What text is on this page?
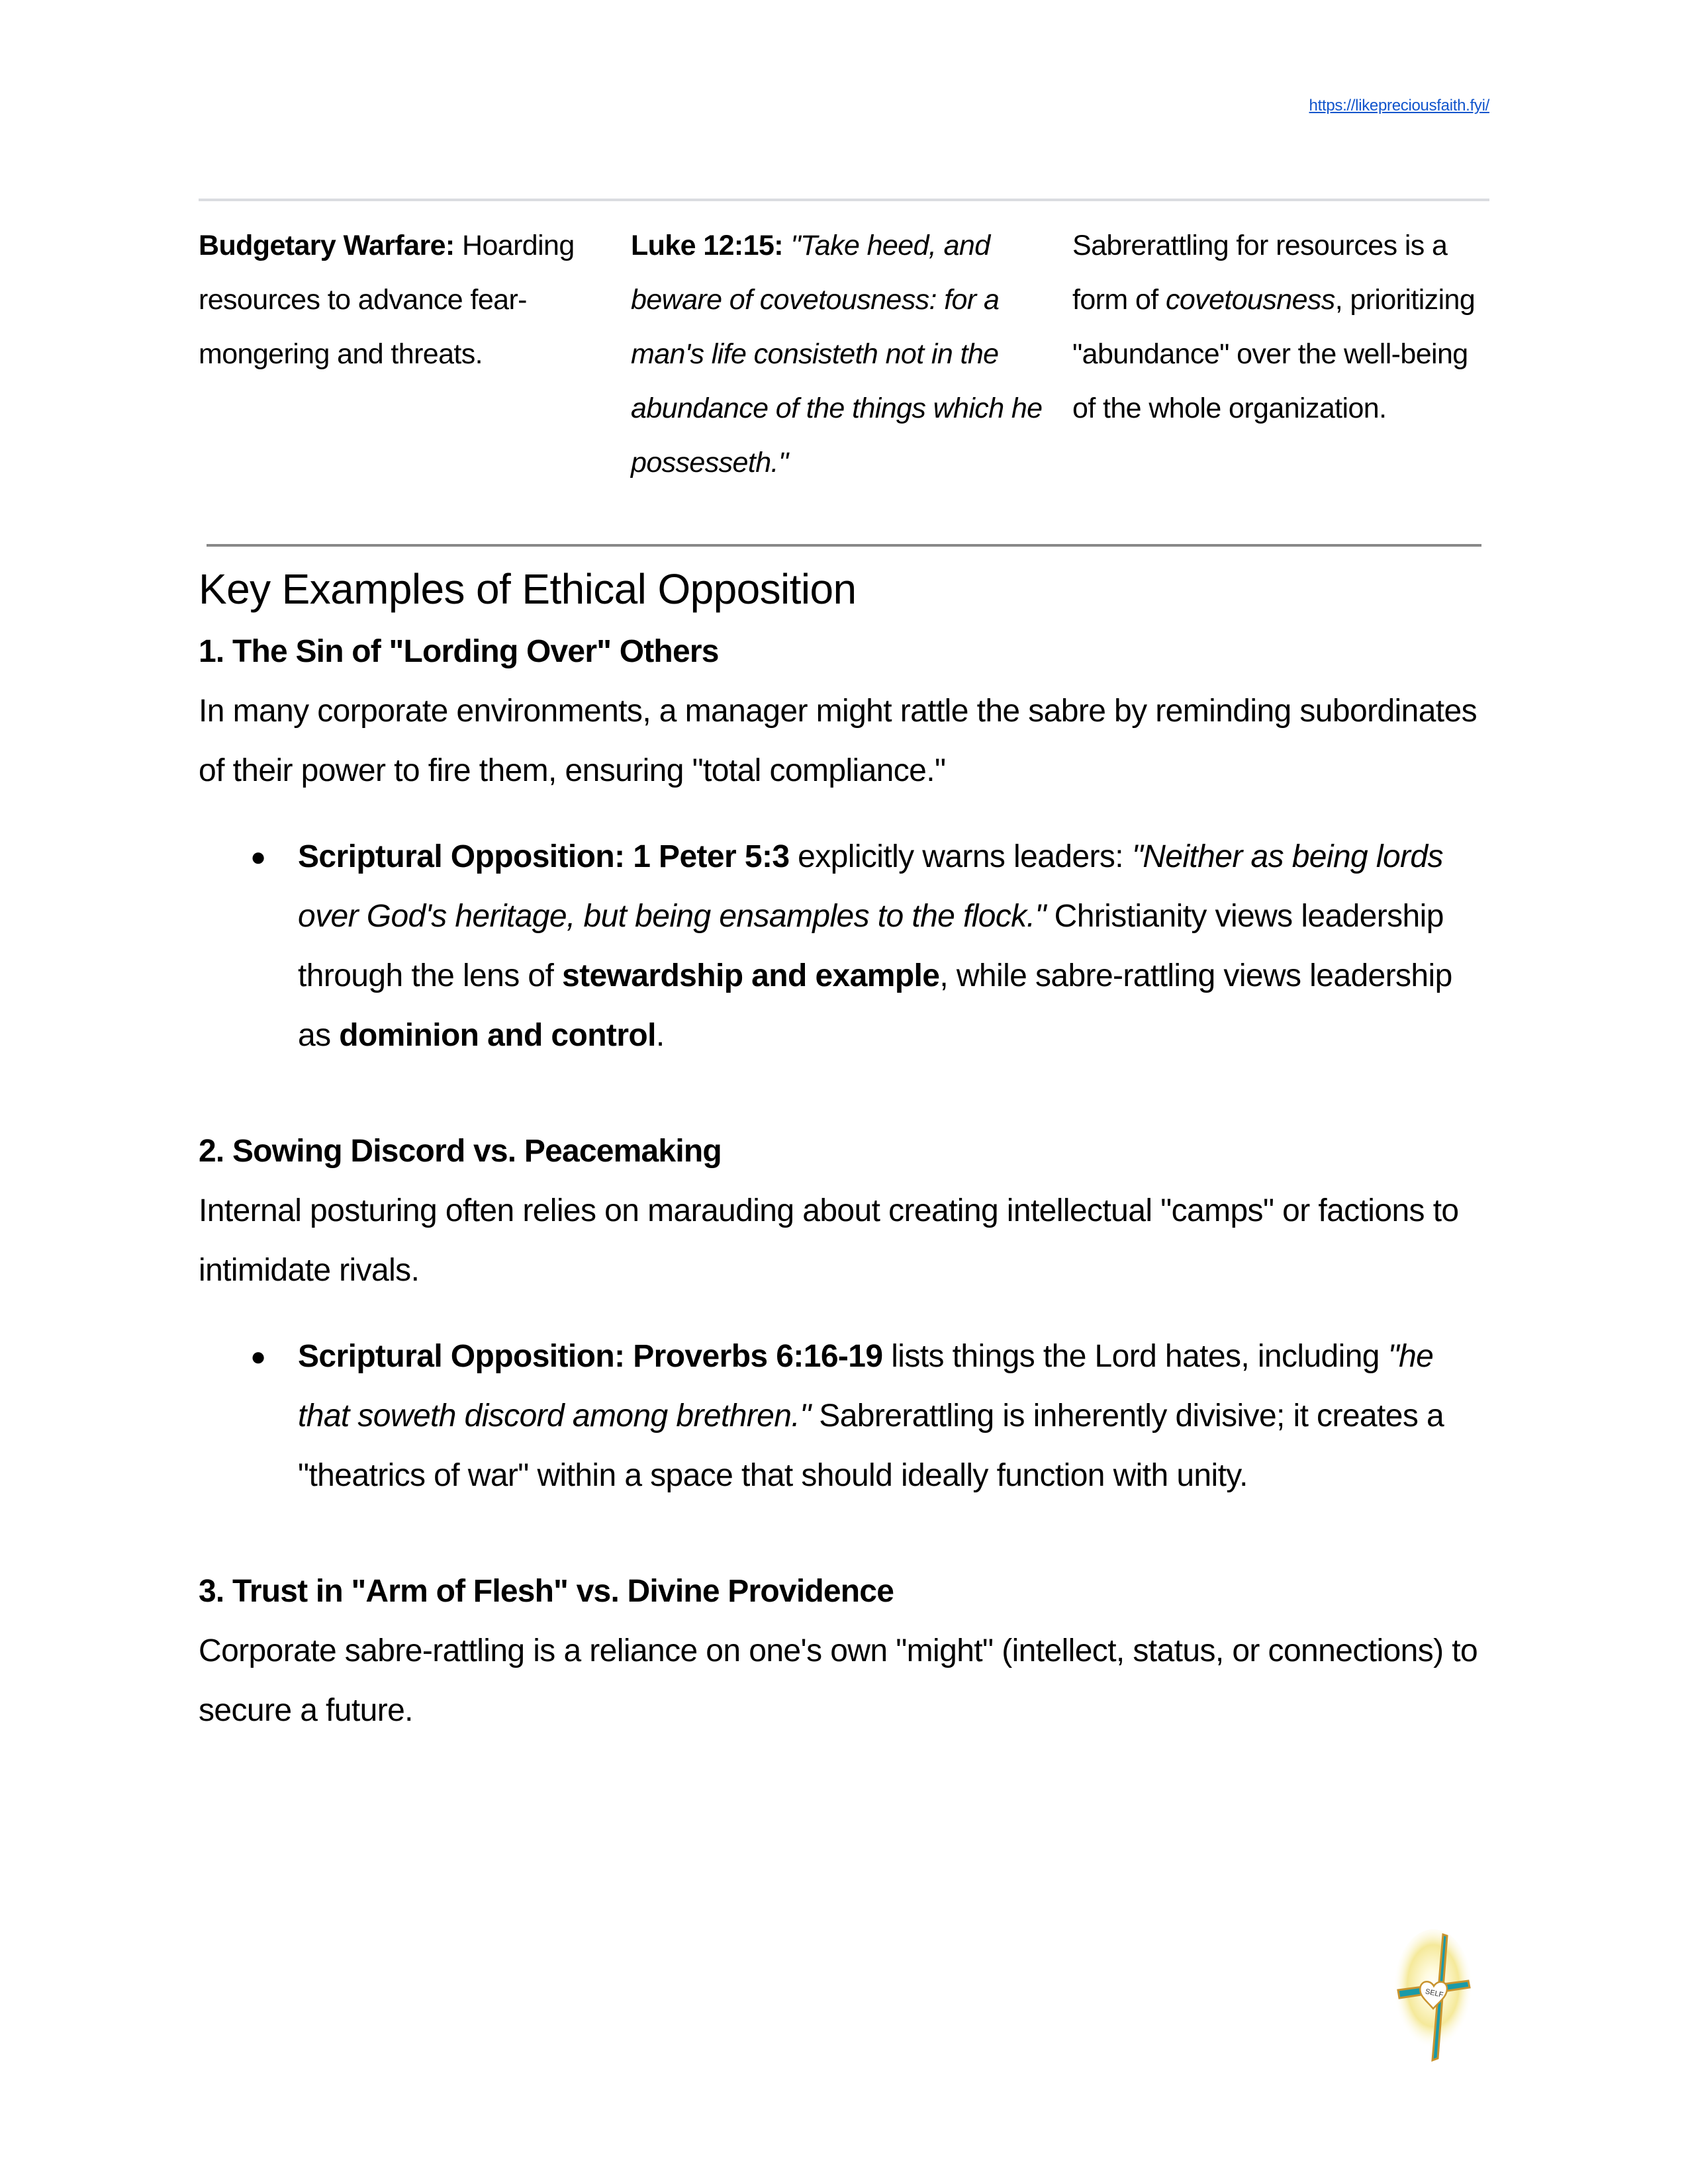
https://likepreciousfaith.fyi/
Budgetary Warfare: Hoarding resources to advance fear-mongering and threats.
Luke 12:15: "Take heed, and beware of covetousness: for a man's life consisteth not in the abundance of the things which he possesseth."
Sabrerattling for resources is a form of covetousness, prioritizing "abundance" over the well-being of the whole organization.
Key Examples of Ethical Opposition
1. The Sin of "Lording Over" Others

In many corporate environments, a manager might rattle the sabre by reminding subordinates of their power to fire them, ensuring "total compliance."

● Scriptural Opposition: 1 Peter 5:3 explicitly warns leaders: "Neither as being lords over God's heritage, but being ensamples to the flock." Christianity views leadership through the lens of stewardship and example, while sabre-rattling views leadership as dominion and control.
2. Sowing Discord vs. Peacemaking

Internal posturing often relies on marauding about creating intellectual "camps" or factions to intimidate rivals.

● Scriptural Opposition: Proverbs 6:16-19 lists things the Lord hates, including "he that soweth discord among brethren." Sabrerattling is inherently divisive; it creates a "theatrics of war" within a space that should ideally function with unity.
3. Trust in "Arm of Flesh" vs. Divine Providence

Corporate sabre-rattling is a reliance on one's own "might" (intellect, status, or connections) to secure a future.

SELF
